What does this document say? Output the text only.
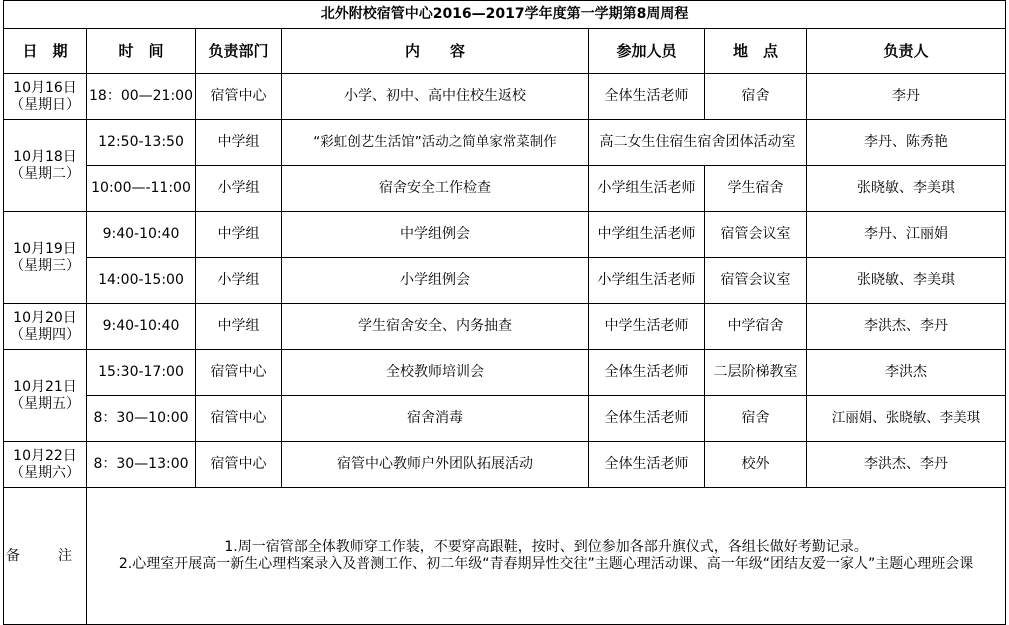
北外附校宿管中心2016—2017学年度第一学期第8周周程						
日　期	时　间	负责部门	内　　容	参加人员	地　点	负责人

10月16日
（星期日）	18：00—21:00	宿管中心	小学、初中、高中住校生返校	全体生活老师	宿舍	李丹

10月18日
（星期二）	12:50-13:50	中学组	“彩虹创艺生活馆”活动之简单家常菜制作	高二女生住宿生宿舍团体活动室		李丹、陈秀艳
	10:00—-11:00	小学组	宿舍安全工作检查	小学组生活老师	学生宿舍	张晓敏、李美琪

10月19日
（星期三）	9:40-10:40	中学组	中学组例会	中学组生活老师	宿管会议室	李丹、江丽娟
	14:00-15:00	小学组	小学组例会	小学组生活老师	宿管会议室	张晓敏、李美琪

10月20日
（星期四）	9:40-10:40	中学组	学生宿舍安全、内务抽查	中学生活老师	中学宿舍	李洪杰、李丹

10月21日
（星期五）	15:30-17:00	宿管中心	全校教师培训会	全体生活老师	二层阶梯教室	李洪杰
	8：30—10:00	宿管中心	宿舍消毒	全体生活老师	宿舍	江丽娟、张晓敏、李美琪

10月22日
（星期六）	8：30—13:00	宿管中心	宿管中心教师户外团队拓展活动	全体生活老师	校外	李洪杰、李丹
备　注	1.周一宿管部全体教师穿工作装，不要穿高跟鞋，按时、到位参加各部升旗仪式，各组长做好考勤记录。
2.心理室开展高一新生心理档案录入及普测工作、初二年级“青春期异性交往”主题心理活动课、高一年级“团结友爱一家人”主题心理班会课					
